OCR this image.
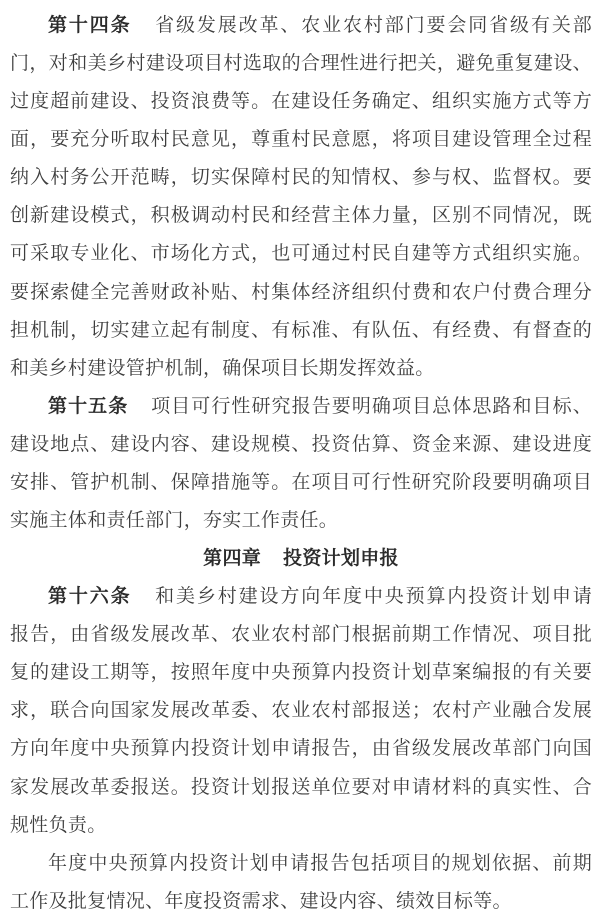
第十四条 省级发展改革、农业农村部门要会同省级有关部
门，对和美乡村建设项目村选取的合理性进行把关，避免重复建设、
过度超前建设、投资浪费等。在建设任务确定、组织实施方式等方
面，要充分听取村民意见，尊重村民意愿，将项目建设管理全过程
纳入村务公开范畴，切实保障村民的知情权、参与权、监督权。要
创新建设模式，积极调动村民和经营主体力量，区别不同情况，既
可采取专业化、市场化方式，也可通过村民自建等方式组织实施。
要探索健全完善财政补贴、村集体经济组织付费和农户付费合理分
担机制，切实建立起有制度、有标准、有队伍、有经费、有督查的
和美乡村建设管护机制，确保项目长期发挥效益。
第十五条 项目可行性研究报告要明确项目总体思路和目标、
建设地点、建设内容、建设规模、投资估算、资金来源、建设进度
安排、管护机制、保障措施等。在项目可行性研究阶段要明确项目
实施主体和责任部门，夯实工作责任。
第四章 投资计划申报
第十六条 和美乡村建设方向年度中央预算内投资计划申请
报告，由省级发展改革、农业农村部门根据前期工作情况、项目批
复的建设工期等，按照年度中央预算内投资计划草案编报的有关要
求，联合向国家发展改革委、农业农村部报送；农村产业融合发展
方向年度中央预算内投资计划申请报告，由省级发展改革部门向国
家发展改革委报送。投资计划报送单位要对申请材料的真实性、合
规性负责。
年度中央预算内投资计划申请报告包括项目的规划依据、前期
工作及批复情况、年度投资需求、建设内容、绩效目标等。
